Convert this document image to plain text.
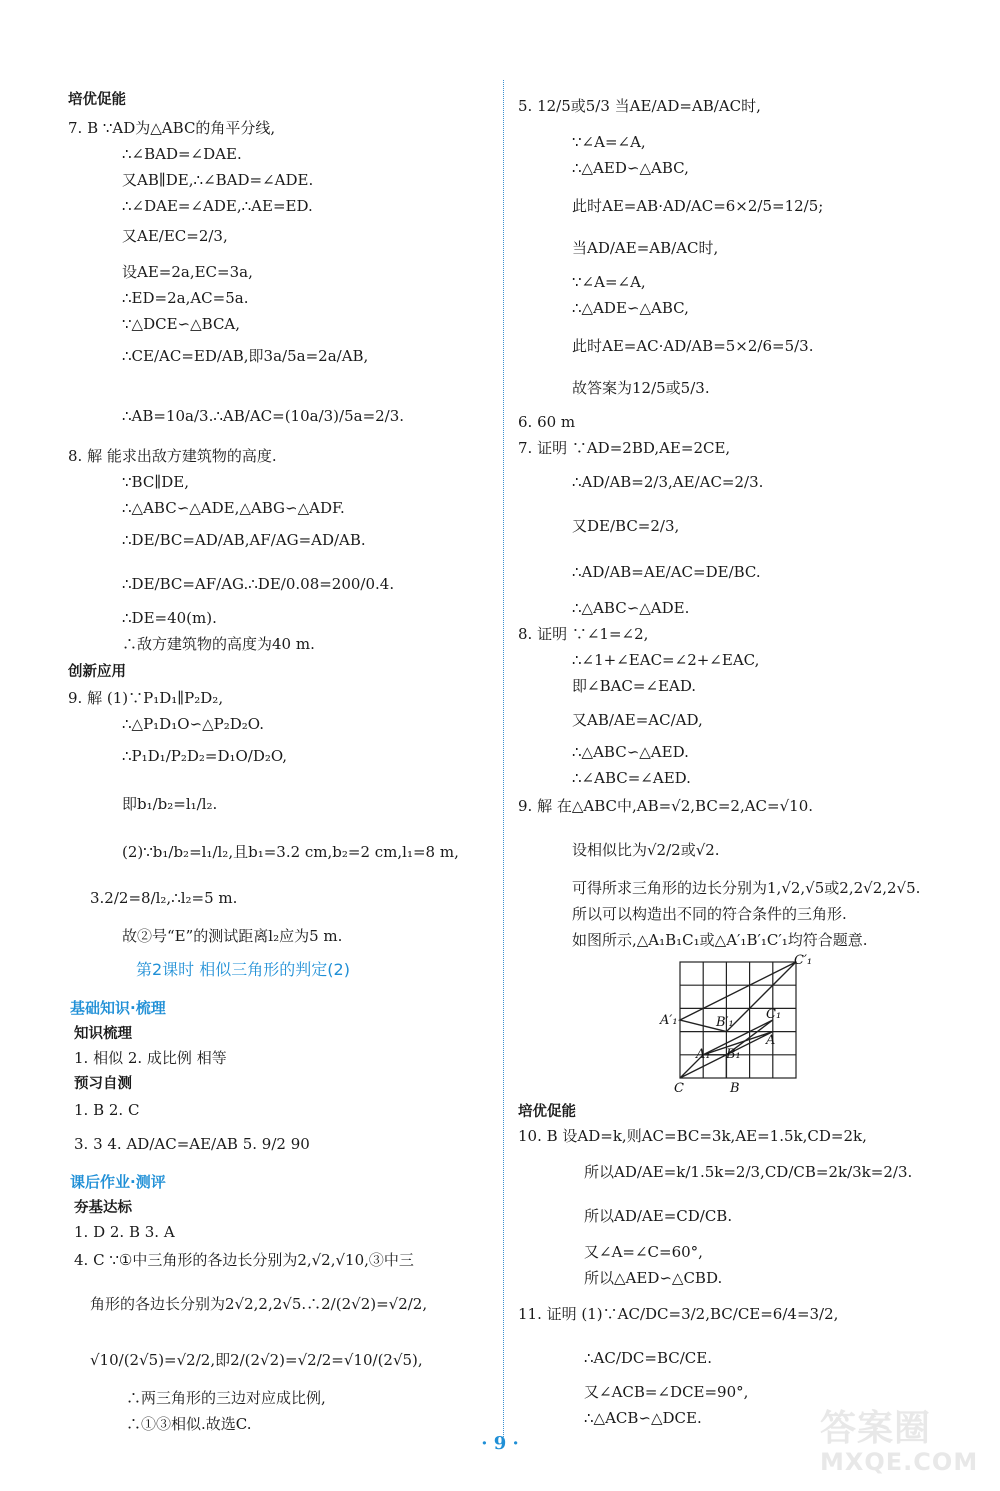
培优促能
7. B ∵AD为△ABC的角平分线,
∴∠BAD=∠DAE.
又AB∥DE,∴∠BAD=∠ADE.
∴∠DAE=∠ADE,∴AE=ED.
又AE/EC=2/3,
设AE=2a,EC=3a,
∴ED=2a,AC=5a.
∵△DCE∽△BCA,
∴CE/AC=ED/AB,即3a/5a=2a/AB,
∴AB=10a/3.∴AB/AC=(10a/3)/5a=2/3.
8. 解 能求出敌方建筑物的高度.
∵BC∥DE,
∴△ABC∽△ADE,△ABG∽△ADF.
∴DE/BC=AD/AB,AF/AG=AD/AB.
∴DE/BC=AF/AG.∴DE/0.08=200/0.4.
∴DE=40(m).
∴敌方建筑物的高度为40 m.
创新应用
9. 解 (1)∵P₁D₁∥P₂D₂,
∴△P₁D₁O∽△P₂D₂O.
∴P₁D₁/P₂D₂=D₁O/D₂O,
即b₁/b₂=l₁/l₂.
(2)∵b₁/b₂=l₁/l₂,且b₁=3.2 cm,b₂=2 cm,l₁=8 m,
3.2/2=8/l₂,∴l₂=5 m.
故②号“E”的测试距离l₂应为5 m.
基础知识·梳理
知识梳理
1. 相似 2. 成比例 相等
预习自测
1. B 2. C
3. 3 4. AD/AC=AE/AB 5. 9/2 90
课后作业·测评
夯基达标
1. D 2. B 3. A
4. C ∵①中三角形的各边长分别为2,√2,√10,③中三
角形的各边长分别为2√2,2,2√5.∴2/(2√2)=√2/2,
√10/(2√5)=√2/2,即2/(2√2)=√2/2=√10/(2√5),
∴两三角形的三边对应成比例,
∴①③相似.故选C.
5. 12/5或5/3 当AE/AD=AB/AC时,
∵∠A=∠A,
∴△AED∽△ABC,
此时AE=AB·AD/AC=6×2/5=12/5;
当AD/AE=AB/AC时,
∵∠A=∠A,
∴△ADE∽△ABC,
此时AE=AC·AD/AB=5×2/6=5/3.
故答案为12/5或5/3.
6. 60 m
7. 证明 ∵AD=2BD,AE=2CE,
∴AD/AB=2/3,AE/AC=2/3.
又DE/BC=2/3,
∴AD/AB=AE/AC=DE/BC.
∴△ABC∽△ADE.
8. 证明 ∵∠1=∠2,
∴∠1+∠EAC=∠2+∠EAC,
即∠BAC=∠EAD.
又AB/AE=AC/AD,
∴△ABC∽△AED.
∴∠ABC=∠AED.
9. 解 在△ABC中,AB=√2,BC=2,AC=√10.
设相似比为√2/2或√2.
可得所求三角形的边长分别为1,√2,√5或2,2√2,2√5.
所以可以构造出不同的符合条件的三角形.
如图所示,△A₁B₁C₁或△A′₁B′₁C′₁均符合题意.
培优促能
10. B 设AD=k,则AC=BC=3k,AE=1.5k,CD=2k,
所以AD/AE=k/1.5k=2/3,CD/CB=2k/3k=2/3.
所以AD/AE=CD/CB.
又∠A=∠C=60°,
所以△AED∽△CBD.
11. 证明 (1)∵AC/DC=3/2,BC/CE=6/4=3/2,
∴AC/DC=BC/CE.
又∠ACB=∠DCE=90°,
∴△ACB∽△DCE.
第2课时 相似三角形的判定(2)	C′₁
A′₁	B′₁
C₁
A₁ B₁
A
C	B
· 9 ·	答案圈
MXQE.COM
